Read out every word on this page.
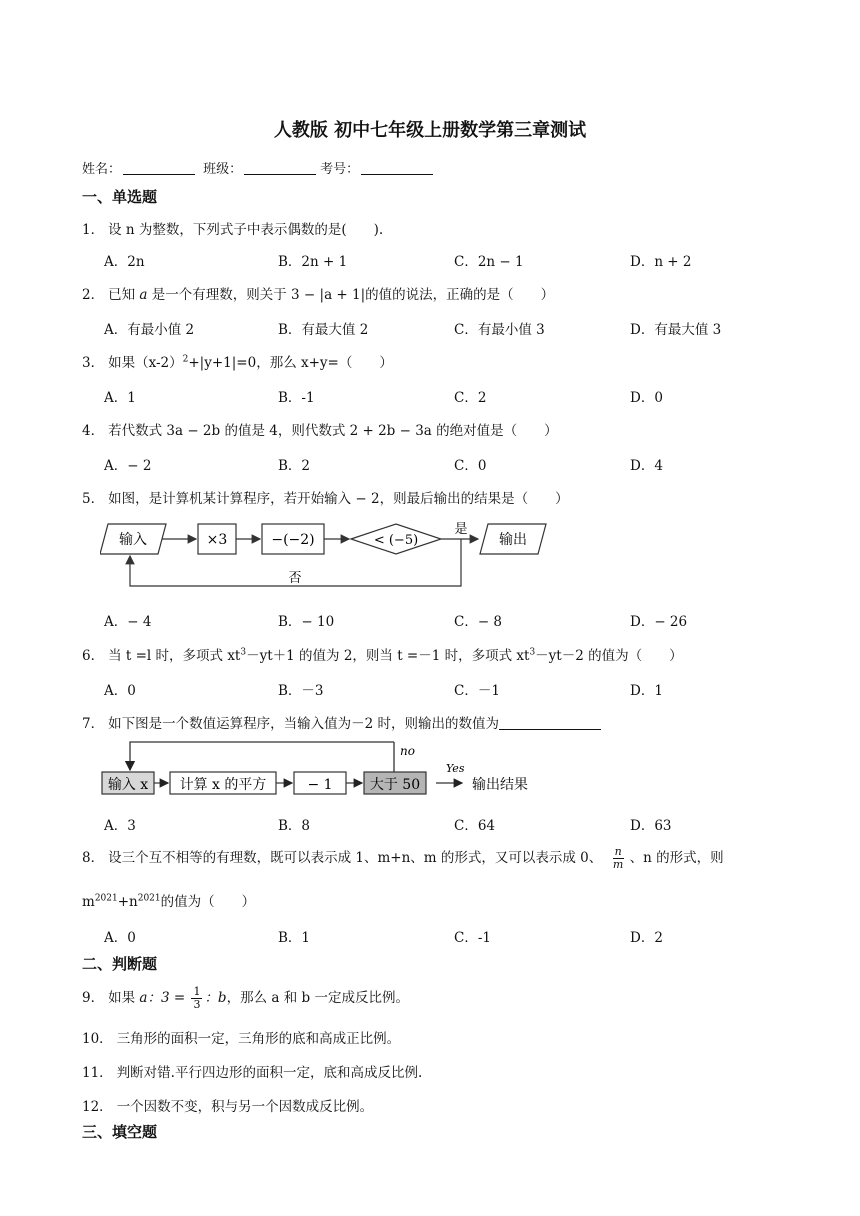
人教版 初中七年级上册数学第三章测试
姓名：	班级：	考号：
一、单选题
1． 设 n 为整数，下列式子中表示偶数的是(　　).
A．2n	B．2n + 1	C．2n − 1	D．n + 2
2． 已知 a 是一个有理数，则关于 3 − |a + 1|的值的说法，正确的是（　　）
A．有最小值 2	B．有最大值 2	C．有最小值 3	D．有最大值 3
3． 如果$(x-2)^2+|y+1|=0$，那么 x+y=（　　）
A．1	B．-1	C．2	D．0
4． 若代数式 3a − 2b 的值是 4，则代数式 2 + 2b − 3a 的绝对值是（　　）
A．− 2	B．2	C．0	D．4
5． 如图，是计算机某计算程序，若开始输入 − 2，则最后输出的结果是（　　）
输入	×3	−(−2)	< (−5)
是
输出
否
A．− 4	B．− 10	C．− 8	D．− 26
6． 当 t =l 时，多项式 $xt^3-yt+1$ 的值为 2，则当 t =－1 时，多项式 $xt^3-yt-2$ 的值为（　　）
A．0	B．－3	C．－1	D．1
7． 如下图是一个数值运算程序，当输入值为－2 时，则输出的数值为
no
输入 x 计算 x 的平方	− 1	大于 50
Yes
输出结果
A．3	B．8	C．64	D．63
8． 设三个互不相等的有理数，既可以表示成 1、m+n、m 的形式，又可以表示成 0、 $\frac{n}{m}$ 、n 的形式，则
$m^{2021}+n^{2021}$的值为（　　）
A．0	B．1	C．-1	D．2
二、判断题
9． 如果 a：$3 = \frac{1}{3}$ ：b，那么 a 和 b 一定成反比例。
10． 三角形的面积一定，三角形的底和高成正比例。
11． 判断对错.平行四边形的面积一定，底和高成反比例.
12． 一个因数不变，积与另一个因数成反比例。
三、填空题
